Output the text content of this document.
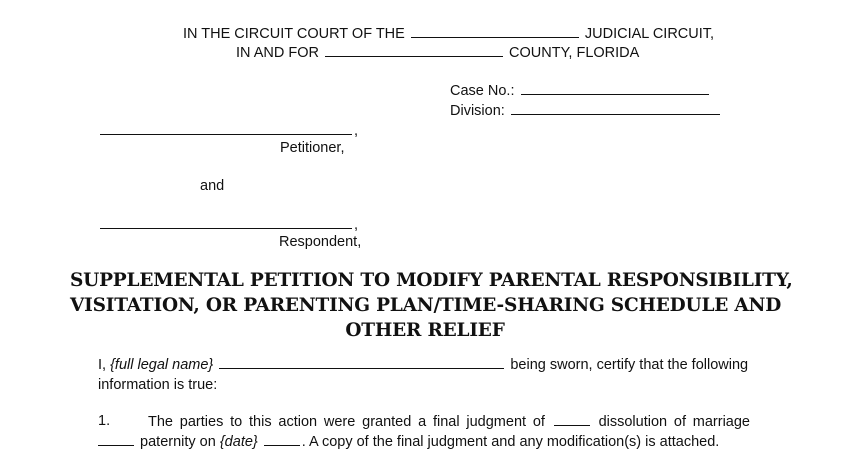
IN THE CIRCUIT COURT OF THE	JUDICIAL CIRCUIT,
IN AND FOR	COUNTY, FLORIDA
Case No.:
Division:
,
Petitioner,
and
,
Respondent,
SUPPLEMENTAL PETITION TO MODIFY PARENTAL RESPONSIBILITY,
VISITATION, OR PARENTING PLAN/TIME-SHARING SCHEDULE AND
OTHER RELIEF
I, {full legal name}	being sworn, certify that the following
information is true:
1.	The parties to this action were granted a final judgment of	dissolution of marriage
paternity on {date}	. A copy of the final judgment and any modification(s) is attached.
